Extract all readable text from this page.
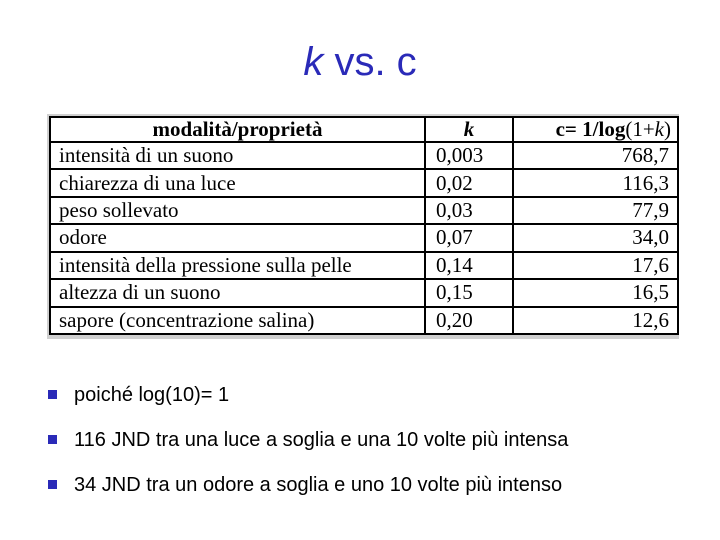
k vs. c
modalità/proprietà	k	c= 1/log(1+k)
intensità di un suono	0,003	768,7
chiarezza di una luce	0,02	116,3
peso sollevato	0,03	77,9
odore	0,07	34,0
intensità della pressione sulla pelle	0,14	17,6
altezza di un suono	0,15	16,5
sapore (concentrazione salina)	0,20	12,6
poiché log(10)= 1
116 JND tra una luce a soglia e una 10 volte più intensa
34 JND tra un odore a soglia e uno 10 volte più intenso
